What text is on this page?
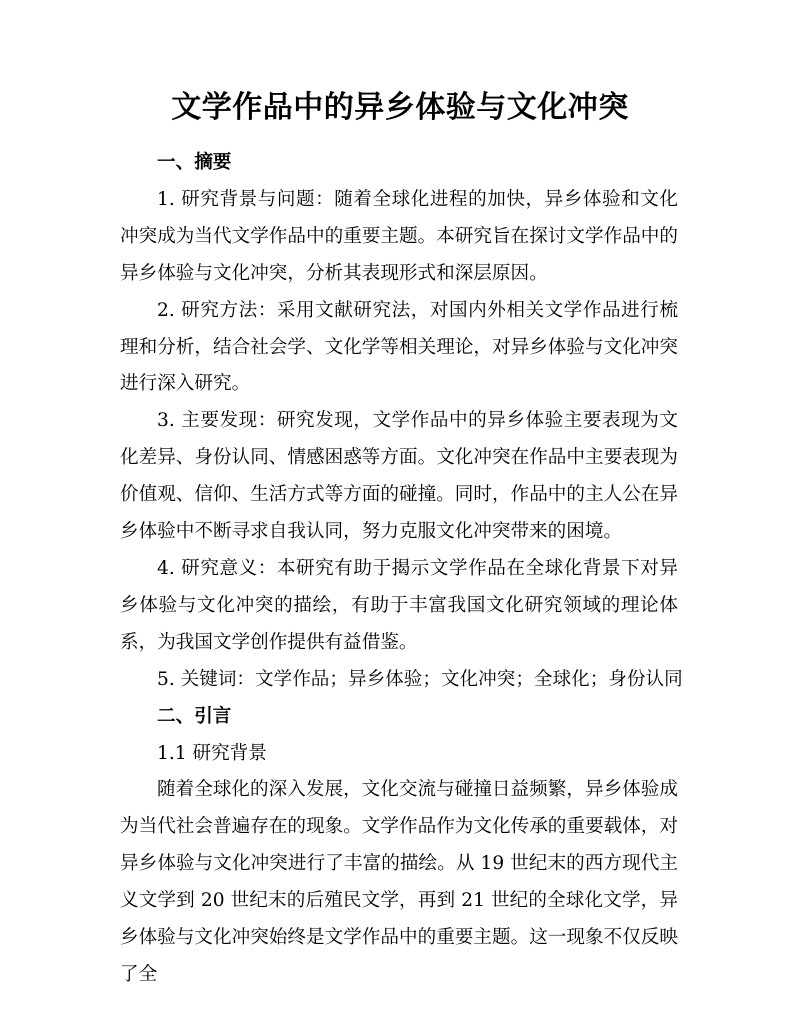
文学作品中的异乡体验与文化冲突

一、摘要

1. 研究背景与问题：随着全球化进程的加快，异乡体验和文化冲突成为当代文学作品中的重要主题。本研究旨在探讨文学作品中的异乡体验与文化冲突，分析其表现形式和深层原因。

2. 研究方法：采用文献研究法，对国内外相关文学作品进行梳理和分析，结合社会学、文化学等相关理论，对异乡体验与文化冲突进行深入研究。

3. 主要发现：研究发现，文学作品中的异乡体验主要表现为文化差异、身份认同、情感困惑等方面。文化冲突在作品中主要表现为价值观、信仰、生活方式等方面的碰撞。同时，作品中的主人公在异乡体验中不断寻求自我认同，努力克服文化冲突带来的困境。

4. 研究意义：本研究有助于揭示文学作品在全球化背景下对异乡体验与文化冲突的描绘，有助于丰富我国文化研究领域的理论体系，为我国文学创作提供有益借鉴。

5. 关键词：文学作品；异乡体验；文化冲突；全球化；身份认同

二、引言

1.1 研究背景

随着全球化的深入发展，文化交流与碰撞日益频繁，异乡体验成为当代社会普遍存在的现象。文学作品作为文化传承的重要载体，对异乡体验与文化冲突进行了丰富的描绘。从 19 世纪末的西方现代主义文学到 20 世纪末的后殖民文学，再到 21 世纪的全球化文学，异乡体验与文化冲突始终是文学作品中的重要主题。这一现象不仅反映了全
